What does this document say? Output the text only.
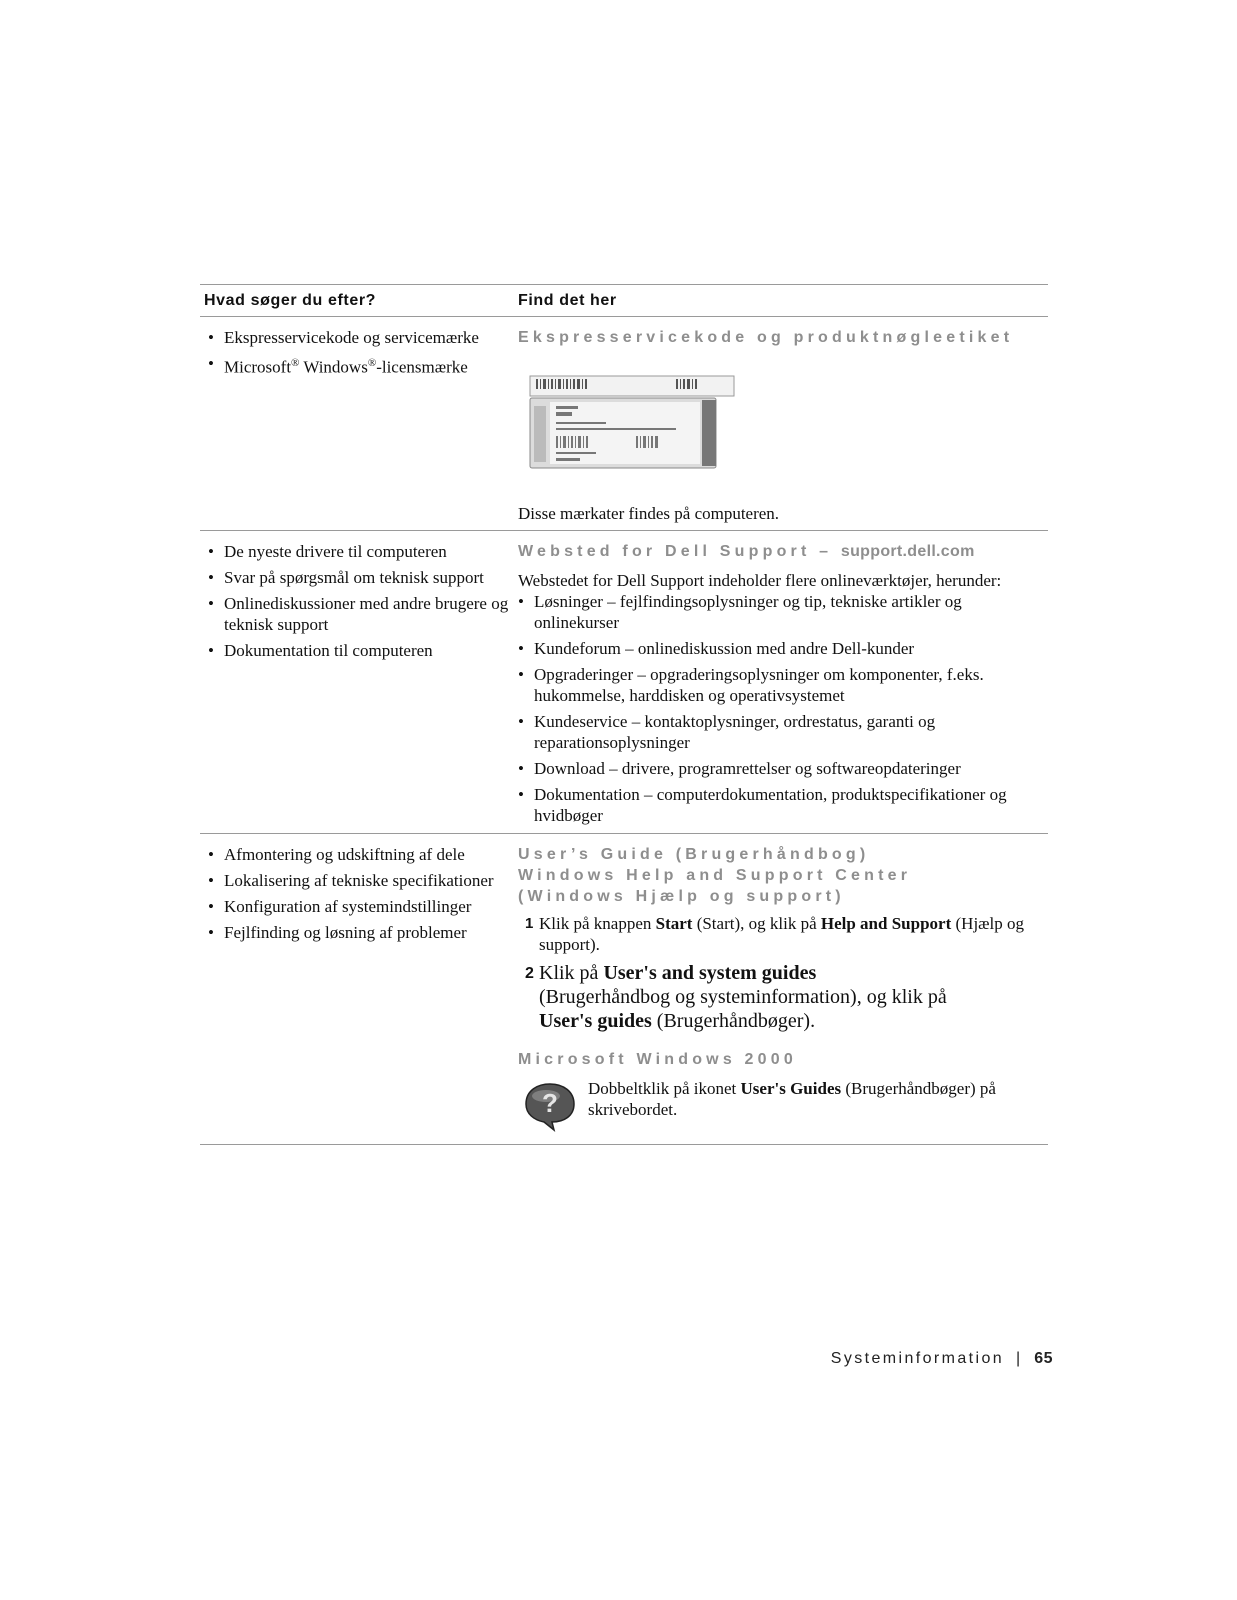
Hvad søger du efter?	Find det her
• Ekspresservicekode og servicemærke
• Microsoft® Windows®-licensmærke
Ekspresservicekode og produktnøgleetiket
Disse mærkater findes på computeren.
• De nyeste drivere til computeren
• Svar på spørgsmål om teknisk support
• Onlinediskussioner med andre brugere og teknisk support
• Dokumentation til computeren
Websted for Dell Support – support.dell.com
Webstedet for Dell Support indeholder flere onlineværktøjer, herunder:
• Løsninger – fejlfindingsoplysninger og tip, tekniske artikler og onlinekurser
• Kundeforum – onlinediskussion med andre Dell-kunder
• Opgraderinger – opgraderingsoplysninger om komponenter, f.eks. hukommelse, harddisken og operativsystemet
• Kundeservice – kontaktoplysninger, ordrestatus, garanti og reparationsoplysninger
• Download – drivere, programrettelser og softwareopdateringer
• Dokumentation – computerdokumentation, produktspecifikationer og hvidbøger
• Afmontering og udskiftning af dele
• Lokalisering af tekniske specifikationer
• Konfiguration af systemindstillinger
• Fejlfinding og løsning af problemer
User’s Guide (Brugerhåndbog)
Windows Help and Support Center
(Windows Hjælp og support)
1 Klik på knappen Start (Start), og klik på Help and Support (Hjælp og support).
2 Klik på User's and system guides (Brugerhåndbog og systeminformation), og klik på User's guides (Brugerhåndbøger).
Microsoft Windows 2000
? Dobbeltklik på ikonet User's Guides (Brugerhåndbøger) på skrivebordet.
Systeminformation | 65
